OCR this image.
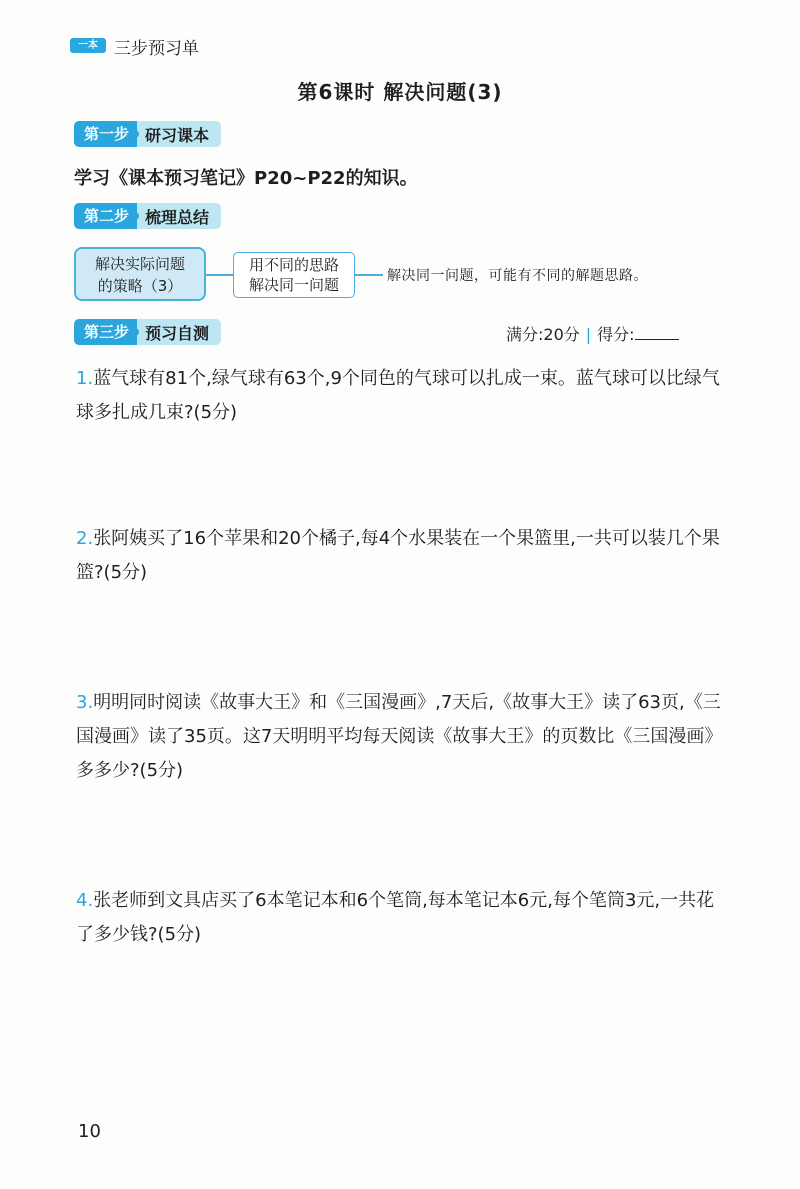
一本 三步预习单
第6课时 解决问题(3)
第一步	研习课本
学习《课本预习笔记》P20~P22的知识。
第二步	梳理总结
解决实际问题
的策略（3）
用不同的思路
解决同一问题	解决同一问题，可能有不同的解题思路。
第三步	预习自测	满分:20分 | 得分:
1.蓝气球有81个,绿气球有63个,9个同色的气球可以扎成一束。蓝气球可以比绿气球多扎成几束?(5分)
2.张阿姨买了16个苹果和20个橘子,每4个水果装在一个果篮里,一共可以装几个果篮?(5分)
3.明明同时阅读《故事大王》和《三国漫画》,7天后,《故事大王》读了63页,《三国漫画》读了35页。这7天明明平均每天阅读《故事大王》的页数比《三国漫画》多多少?(5分)
4.张老师到文具店买了6本笔记本和6个笔筒,每本笔记本6元,每个笔筒3元,一共花了多少钱?(5分)
10
